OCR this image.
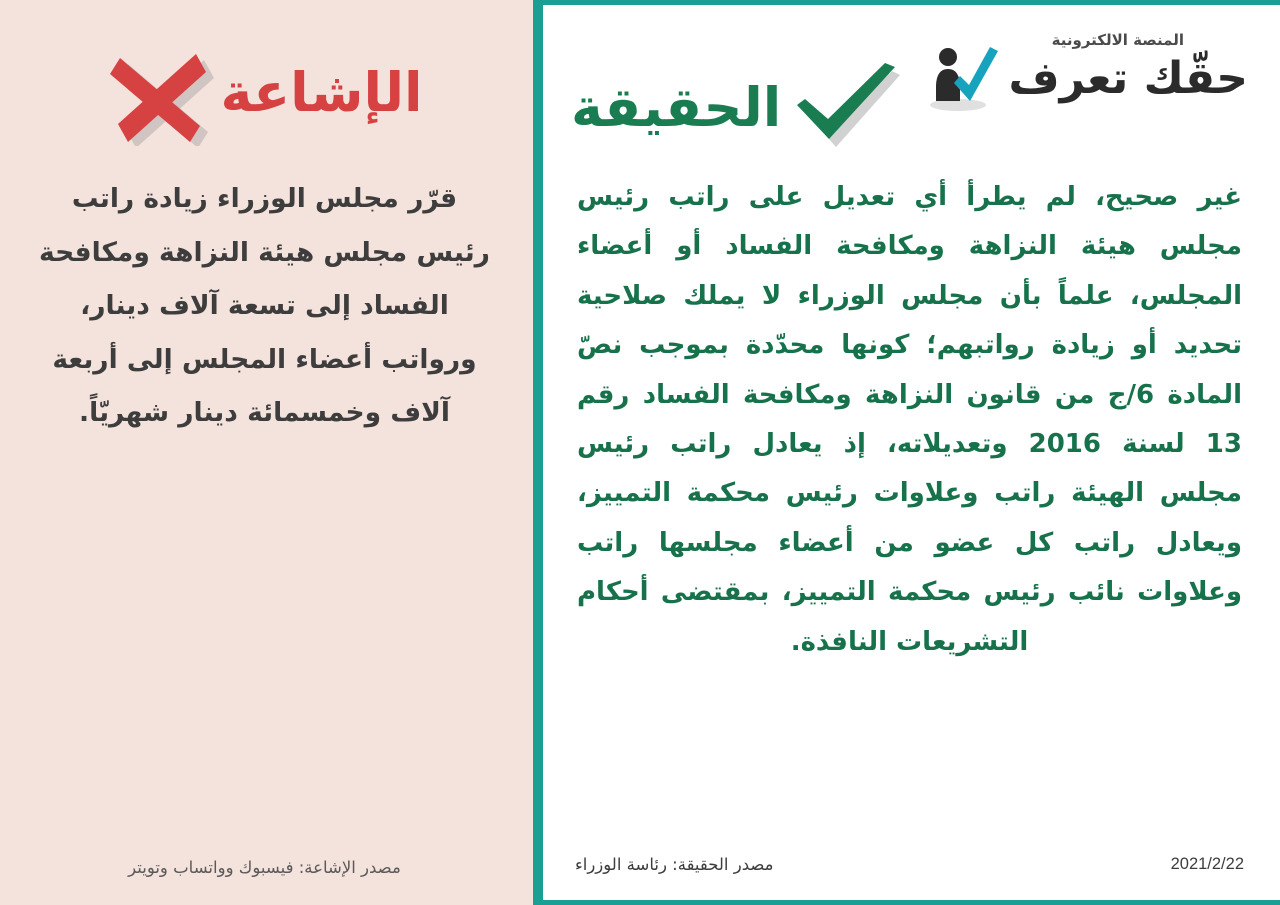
المنصة الالكترونية
حقّك تعرف
الحقيقة
غير صحيح، لم يطرأ أي تعديل على راتب رئيس مجلس هيئة النزاهة ومكافحة الفساد أو أعضاء المجلس، علماً بأن مجلس الوزراء لا يملك صلاحية تحديد أو زيادة رواتبهم؛ كونها محدّدة بموجب نصّ المادة 6/ج من قانون النزاهة ومكافحة الفساد رقم 13 لسنة 2016 وتعديلاته، إذ يعادل راتب رئيس مجلس الهيئة راتب وعلاوات رئيس محكمة التمييز، ويعادل راتب كل عضو من أعضاء مجلسها راتب وعلاوات نائب رئيس محكمة التمييز، بمقتضى أحكام التشريعات النافذة.
2021/2/22
مصدر الحقيقة: رئاسة الوزراء
الإشاعة
قرّر مجلس الوزراء زيادة راتب رئيس مجلس هيئة النزاهة ومكافحة الفساد إلى تسعة آلاف دينار، ورواتب أعضاء المجلس إلى أربعة آلاف وخمسمائة دينار شهريّاً.
مصدر الإشاعة: فيسبوك وواتساب وتويتر
